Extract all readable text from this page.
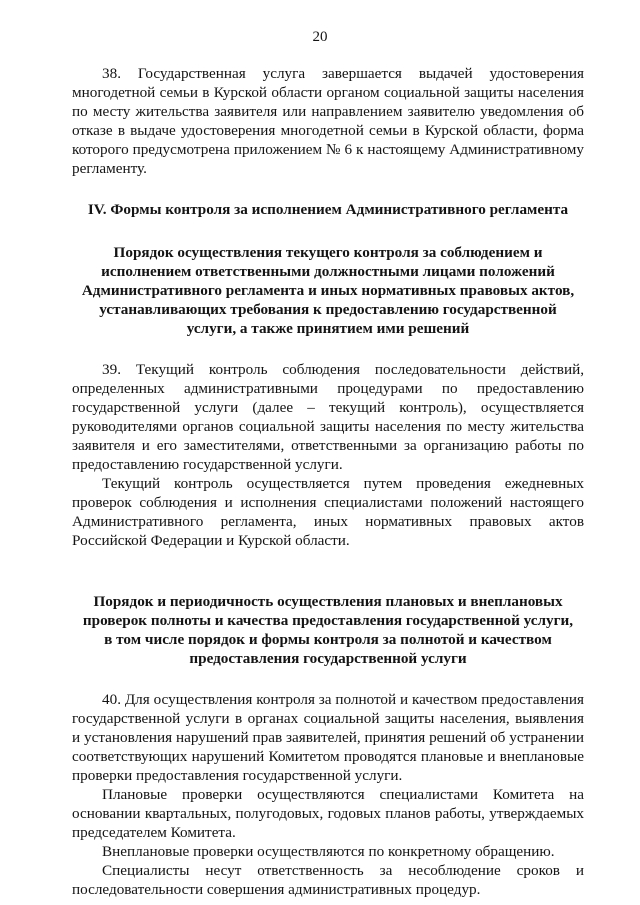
20

38. Государственная услуга завершается выдачей удостоверения многодетной семьи в Курской области органом социальной защиты населения по месту жительства заявителя или направлением заявителю уведомления об отказе в выдаче удостоверения многодетной семьи в Курской области, форма которого предусмотрена приложением № 6 к настоящему Административному регламенту.

IV. Формы контроля за исполнением Административного регламента
Порядок осуществления текущего контроля за соблюдением и исполнением ответственными должностными лицами положений Административного регламента и иных нормативных правовых актов, устанавливающих требования к предоставлению государственной услуги, а также принятием ими решений

39. Текущий контроль соблюдения последовательности действий, определенных административными процедурами по предоставлению государственной услуги (далее – текущий контроль), осуществляется руководителями органов социальной защиты населения по месту жительства заявителя и его заместителями, ответственными за организацию работы по предоставлению государственной услуги.

Текущий контроль осуществляется путем проведения ежедневных проверок соблюдения и исполнения специалистами положений настоящего Административного регламента, иных нормативных правовых актов Российской Федерации и Курской области.

Порядок и периодичность осуществления плановых и внеплановых проверок полноты и качества предоставления государственной услуги, в том числе порядок и формы контроля за полнотой и качеством предоставления государственной услуги

40. Для осуществления контроля за полнотой и качеством предоставления государственной услуги в органах социальной защиты населения, выявления и установления нарушений прав заявителей, принятия решений об устранении соответствующих нарушений Комитетом проводятся плановые и внеплановые проверки предоставления государственной услуги.

Плановые проверки осуществляются специалистами Комитета на основании квартальных, полугодовых, годовых планов работы, утверждаемых председателем Комитета.

Внеплановые проверки осуществляются по конкретному обращению.

Специалисты несут ответственность за несоблюдение сроков и последовательности совершения административных процедур.
